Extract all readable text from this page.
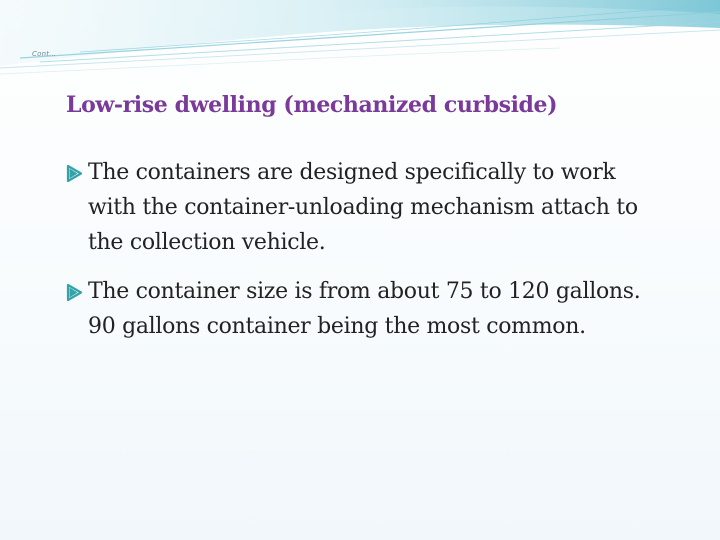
Cont…
Low-rise dwelling (mechanized curbside)
The containers are designed specifically to work with the container-unloading mechanism attach to the collection vehicle.
The container size is from about 75 to 120 gallons. 90 gallons container being the most common.
